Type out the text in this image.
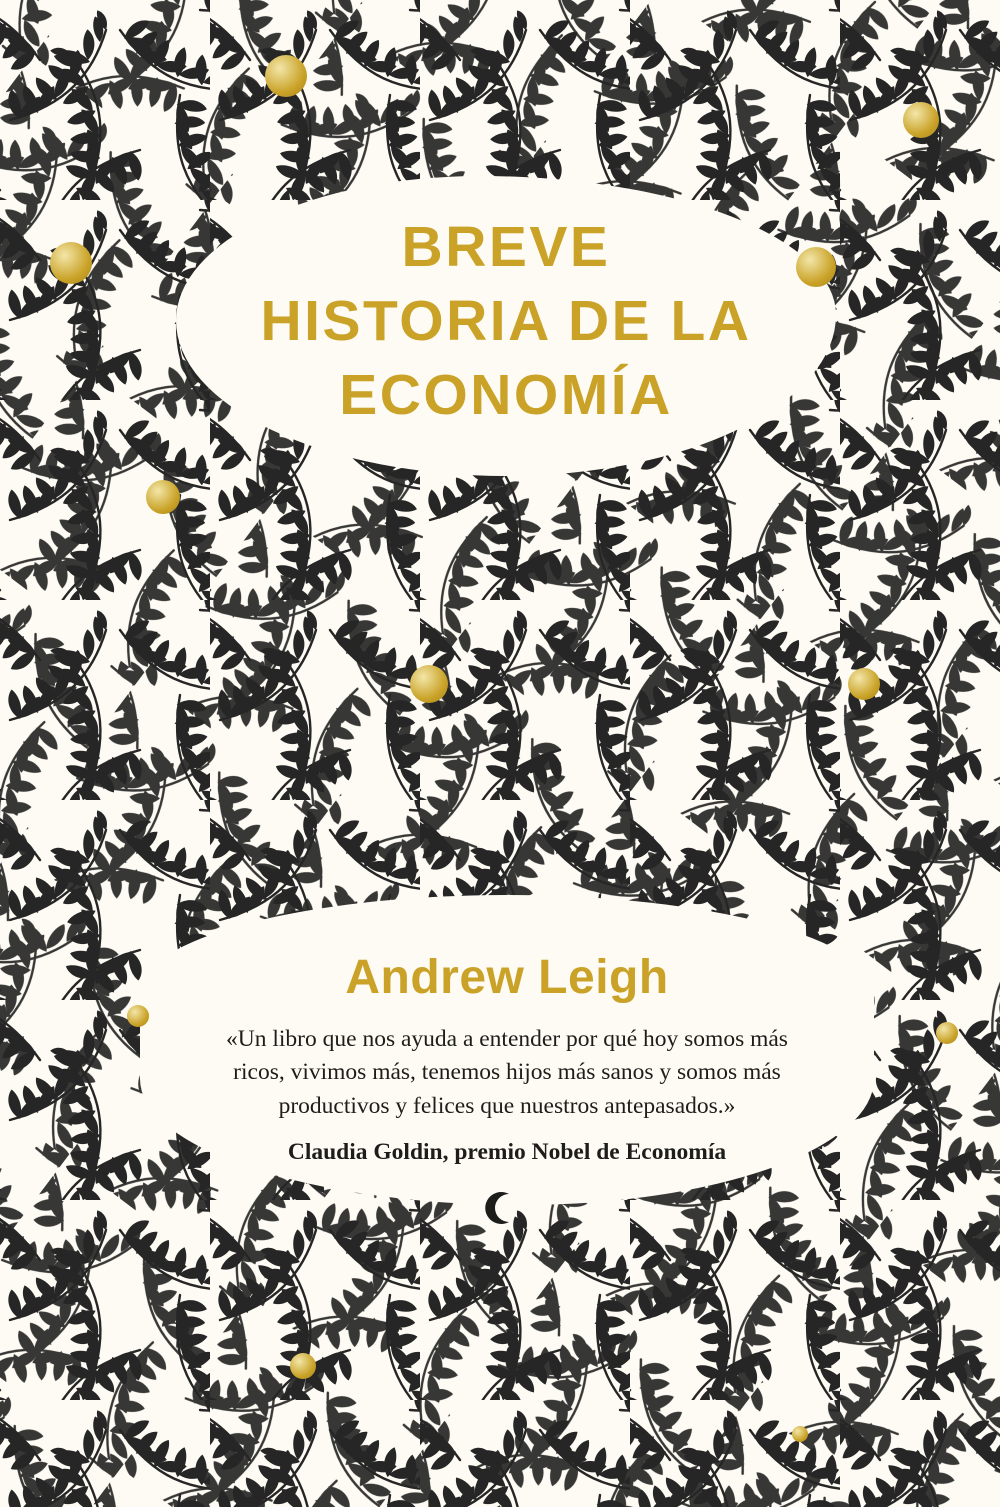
BREVE
HISTORIA DE LA
ECONOMÍA
Andrew Leigh
«Un libro que nos ayuda a entender por qué hoy somos más ricos, vivimos más, tenemos hijos más sanos y somos más productivos y felices que nuestros antepasados.»
Claudia Goldin, premio Nobel de Economía
